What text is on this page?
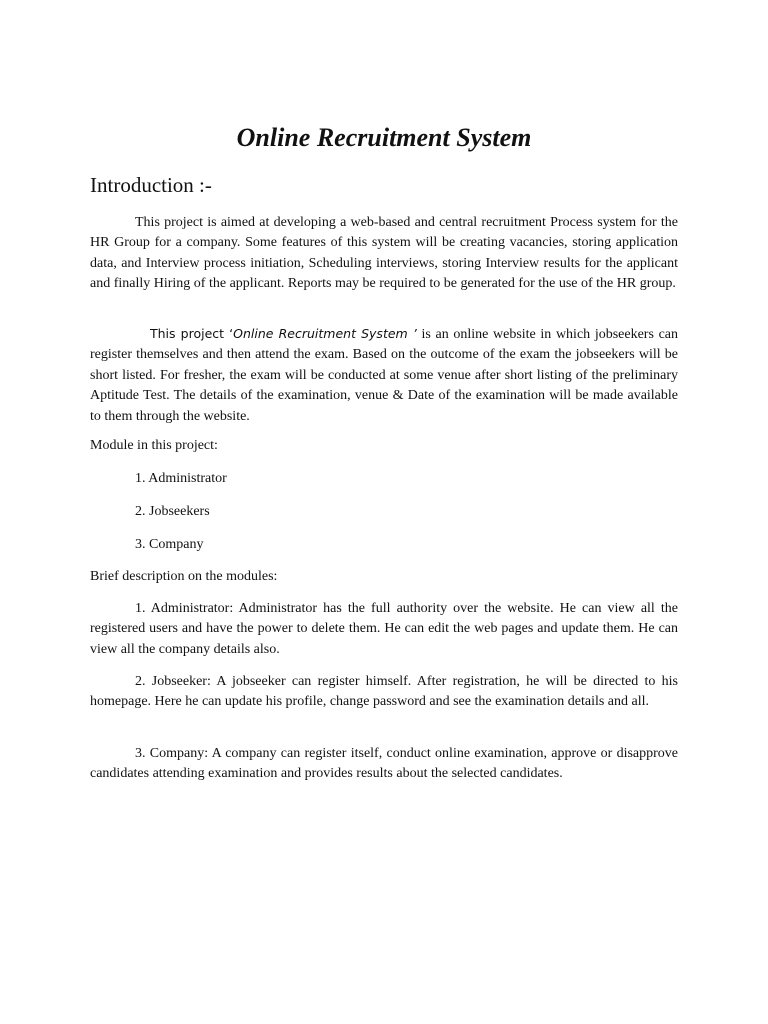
Online Recruitment System
Introduction :-

This project is aimed at developing a web-based and central recruitment Process system for the HR Group for a company. Some features of this system will be creating vacancies, storing application data, and Interview process initiation, Scheduling interviews, storing Interview results for the applicant and finally Hiring of the applicant. Reports may be required to be generated for the use of the HR group.

This project ‘Online Recruitment System ’ is an online website in which jobseekers can register themselves and then attend the exam. Based on the outcome of the exam the jobseekers will be short listed. For fresher, the exam will be conducted at some venue after short listing of the preliminary Aptitude Test. The details of the examination, venue & Date of the examination will be made available to them through the website.

Module in this project:

1. Administrator

2. Jobseekers

3. Company

Brief description on the modules:

1. Administrator: Administrator has the full authority over the website. He can view all the registered users and have the power to delete them. He can edit the web pages and update them. He can view all the company details also.

2. Jobseeker: A jobseeker can register himself. After registration, he will be directed to his homepage. Here he can update his profile, change password and see the examination details and all.

3. Company: A company can register itself, conduct online examination, approve or disapprove candidates attending examination and provides results about the selected candidates.
